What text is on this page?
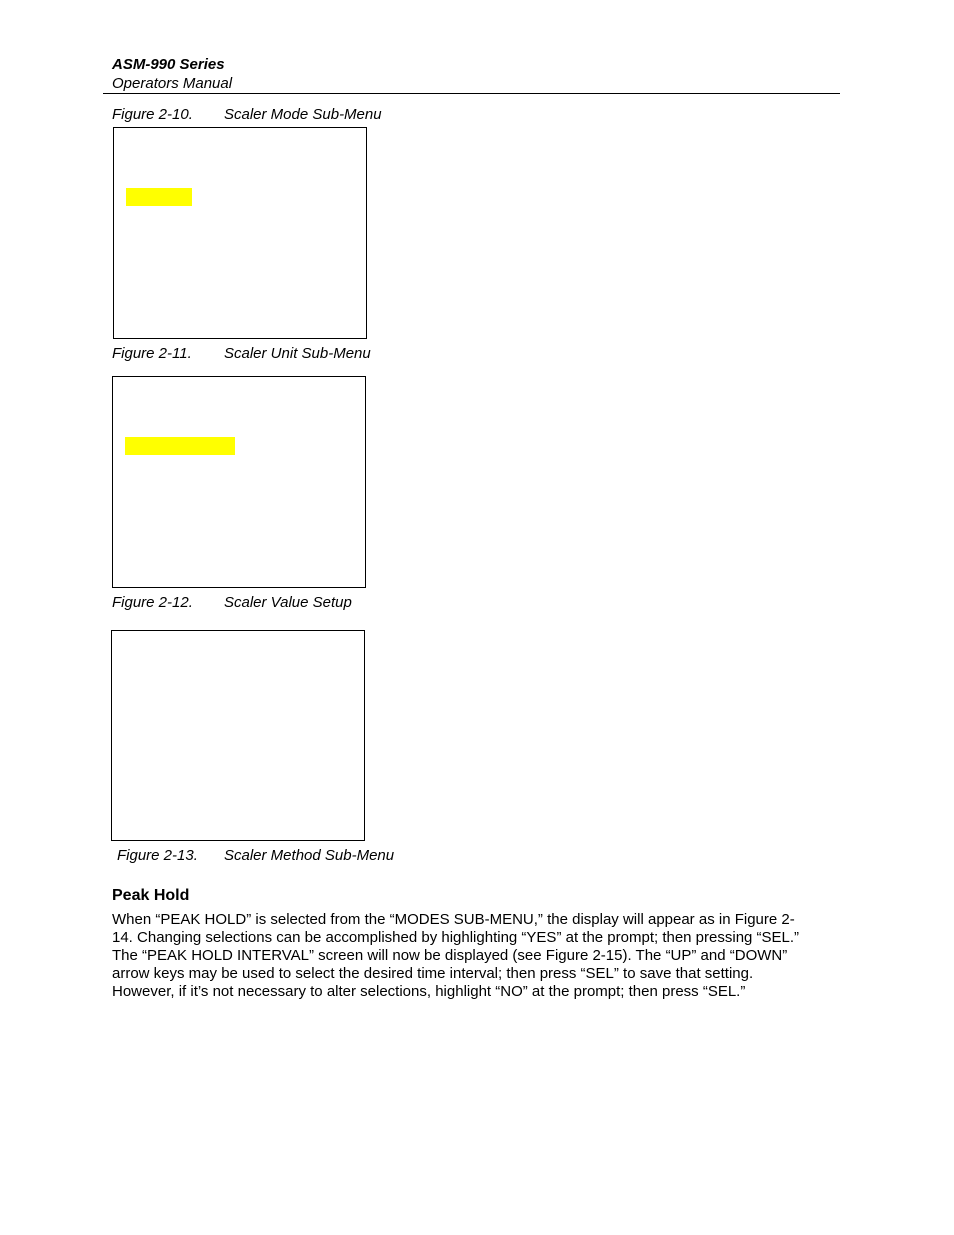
ASM-990 Series
Operators Manual
Figure 2-10. Scaler Mode Sub-Menu
Figure 2-11. Scaler Unit Sub-Menu
Figure 2-12. Scaler Value Setup
Figure 2-13. Scaler Method Sub-Menu
Peak Hold
When “PEAK HOLD” is selected from the “MODES SUB-MENU,” the display will appear as in Figure 2-
14. Changing selections can be accomplished by highlighting “YES” at the prompt; then pressing “SEL.”
The “PEAK HOLD INTERVAL” screen will now be displayed (see Figure 2-15). The “UP” and “DOWN”
arrow keys may be used to select the desired time interval; then press “SEL” to save that setting.
However, if it’s not necessary to alter selections, highlight “NO” at the prompt; then press “SEL.”
